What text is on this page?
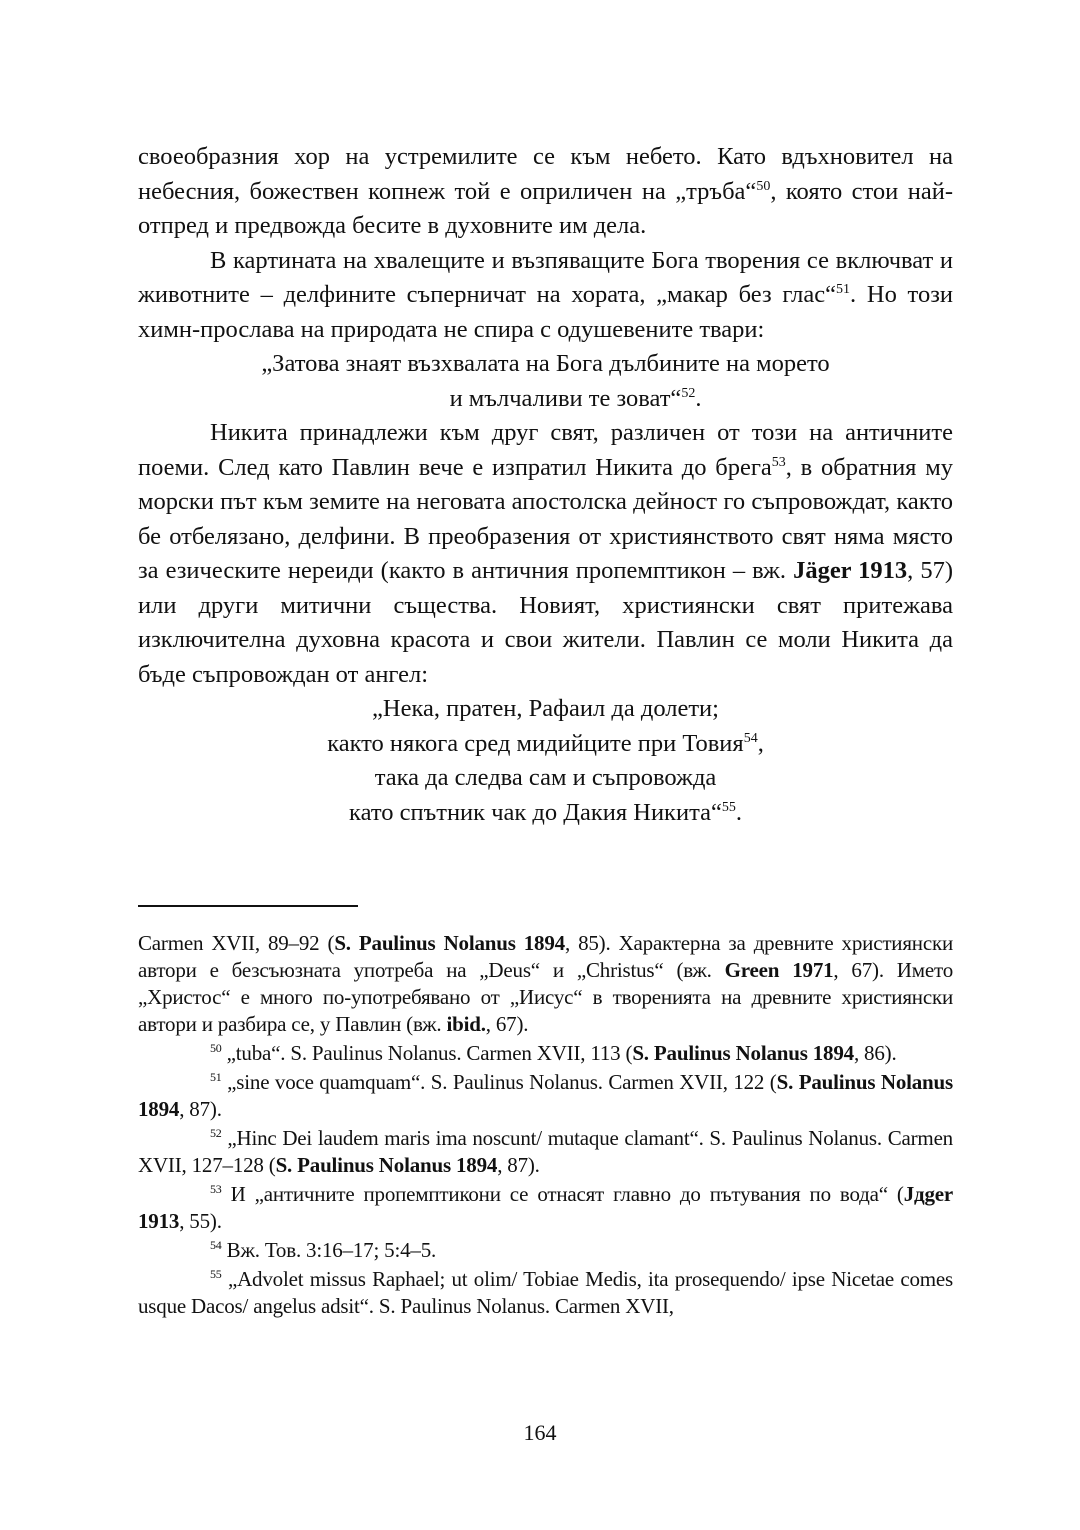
своеобразния хор на устремилите се към небето. Като вдъхновител на небесния, божествен копнеж той е оприличен на „тръба“$^{50}$, която стои най-отпред и предвожда бесите в духовните им дела.

В картината на хвалещите и възпяващите Бога творения се включват и животните – делфините съперничат на хората, „макар без глас“$^{51}$. Но този химн-прослава на природата не спира с одушевените твари:

„Затова знаят възхвалата на Бога дълбините на морето

и мълчаливи те зоват“$^{52}$.

Никита принадлежи към друг свят, различен от този на античните поеми. След като Павлин вече е изпратил Никита до брега$^{53}$, в обратния му морски път към земите на неговата апостолска дейност го съпровождат, както бе отбелязано, делфини. В преобразения от християнството свят няма място за езическите нереиди (както в античния пропемптикон – вж. Jäger 1913, 57) или други митични същества. Новият, християнски свят притежава изключителна духовна красота и свои жители. Павлин се моли Никита да бъде съпровождан от ангел:

„Нека, пратен, Рафаил да долети;

както някога сред мидийците при Товия$^{54}$,

така да следва сам и съпровожда

като спътник чак до Дакия Никита“$^{55}$.

Carmen XVII, 89–92 (S. Paulinus Nolanus 1894, 85). Характерна за древните християнски автори е безсъюзната употреба на „Deus“ и „Christus“ (вж. Green 1971, 67). Името „Христос“ е много по-употребявано от „Иисус“ в творенията на древните християнски автори и разбира се, у Павлин (вж. ibid., 67).

$^{50}$ „tuba“. S. Paulinus Nolanus. Carmen XVII, 113 (S. Paulinus Nolanus 1894, 86).

$^{51}$ „sine voce quamquam“. S. Paulinus Nolanus. Carmen XVII, 122 (S. Paulinus Nolanus 1894, 87).

$^{52}$ „Hinc Dei laudem maris ima noscunt/ mutaque clamant“. S. Paulinus Nolanus. Carmen XVII, 127–128 (S. Paulinus Nolanus 1894, 87).

$^{53}$ И „античните пропемптикони се отнасят главно до пътувания по вода“ (Jдger 1913, 55).

$^{54}$ Вж. Тов. 3:16–17; 5:4–5.

$^{55}$ „Advolet missus Raphael; ut olim/ Tobiae Medis, ita prosequendo/ ipse Nicetae comes usque Dacos/ angelus adsit“. S. Paulinus Nolanus. Carmen XVII,

164
